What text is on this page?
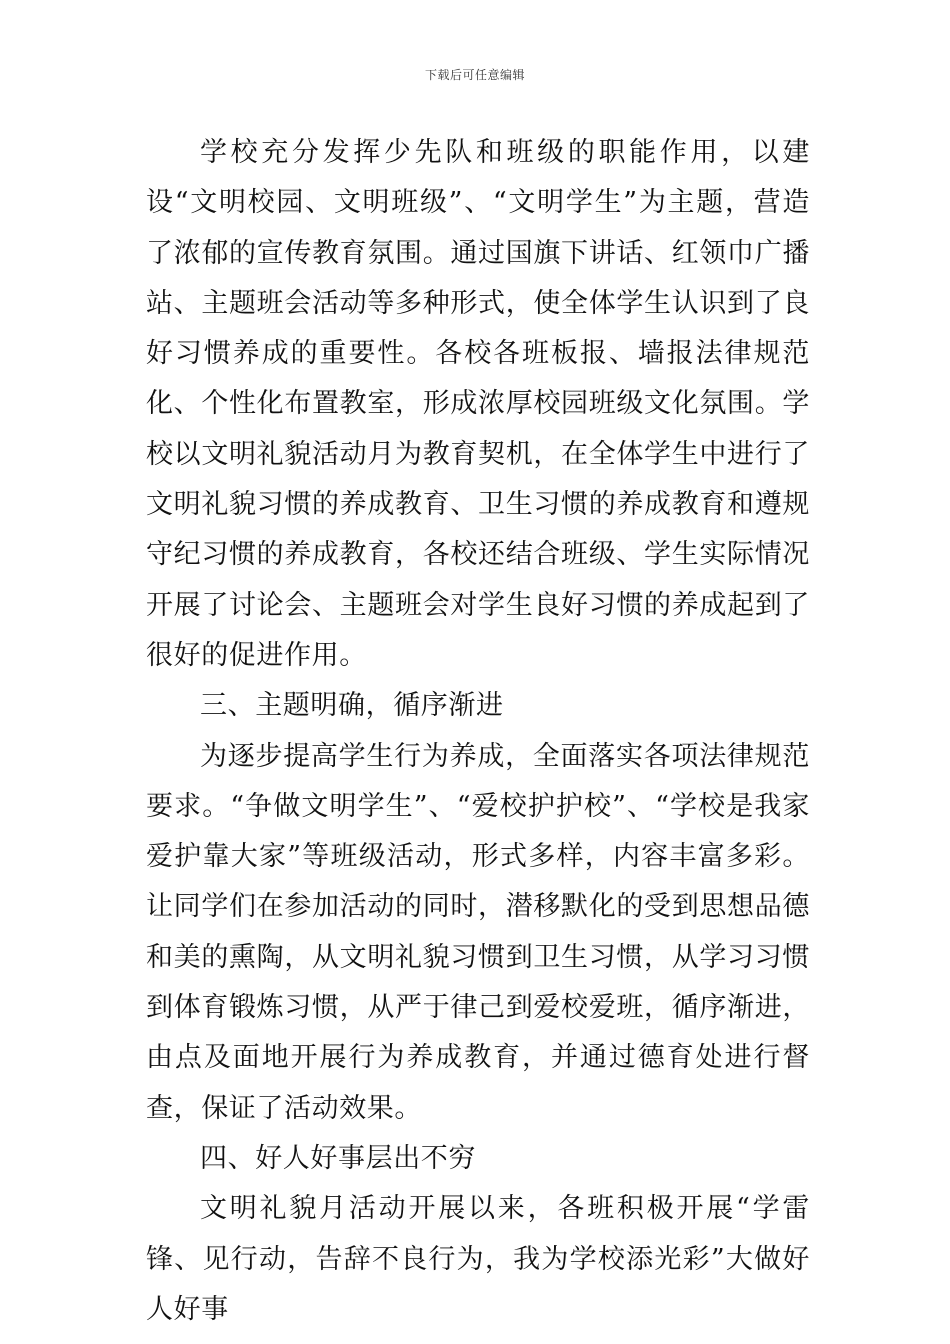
下载后可任意编辑

学校充分发挥少先队和班级的职能作用，以建设“文明校园、文明班级”、“文明学生”为主题，营造了浓郁的宣传教育氛围。通过国旗下讲话、红领巾广播站、主题班会活动等多种形式，使全体学生认识到了良好习惯养成的重要性。各校各班板报、墙报法律规范化、个性化布置教室，形成浓厚校园班级文化氛围。学校以文明礼貌活动月为教育契机，在全体学生中进行了文明礼貌习惯的养成教育、卫生习惯的养成教育和遵规守纪习惯的养成教育，各校还结合班级、学生实际情况开展了讨论会、主题班会对学生良好习惯的养成起到了很好的促进作用。

三、主题明确，循序渐进

为逐步提高学生行为养成，全面落实各项法律规范要求。“争做文明学生”、“爱校护护校”、“学校是我家爱护靠大家”等班级活动，形式多样，内容丰富多彩。让同学们在参加活动的同时，潜移默化的受到思想品德和美的熏陶，从文明礼貌习惯到卫生习惯，从学习习惯到体育锻炼习惯，从严于律己到爱校爱班，循序渐进，由点及面地开展行为养成教育，并通过德育处进行督查，保证了活动效果。

四、好人好事层出不穷

文明礼貌月活动开展以来，各班积极开展“学雷锋、见行动，告辞不良行为，我为学校添光彩”大做好人好事
